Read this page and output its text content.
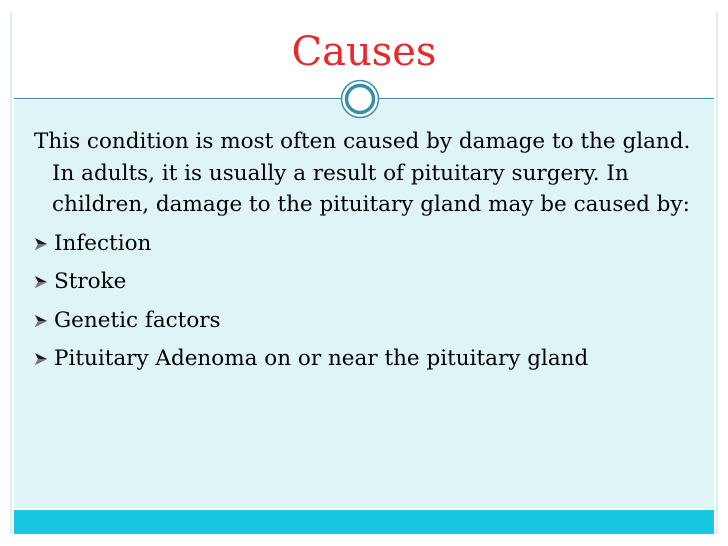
Causes

This condition is most often caused by damage to the gland. In adults, it is usually a result of pituitary surgery. In children, damage to the pituitary gland may be caused by:

Infection
Stroke
Genetic factors
Pituitary Adenoma on or near the pituitary gland
